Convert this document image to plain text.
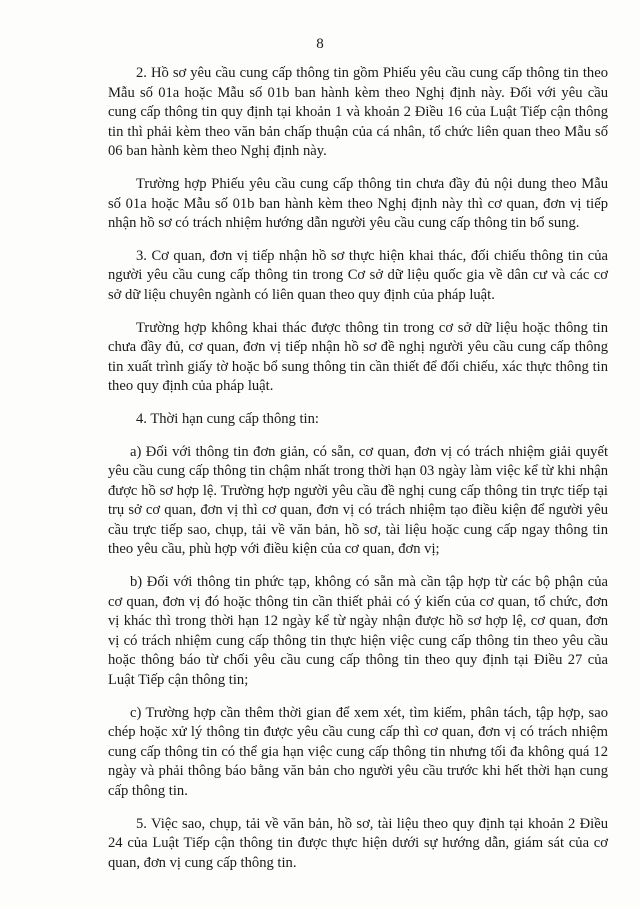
8

2. Hồ sơ yêu cầu cung cấp thông tin gồm Phiếu yêu cầu cung cấp thông tin theo Mẫu số 01a hoặc Mẫu số 01b ban hành kèm theo Nghị định này. Đối với yêu cầu cung cấp thông tin quy định tại khoản 1 và khoản 2 Điều 16 của Luật Tiếp cận thông tin thì phải kèm theo văn bản chấp thuận của cá nhân, tổ chức liên quan theo Mẫu số 06 ban hành kèm theo Nghị định này.

Trường hợp Phiếu yêu cầu cung cấp thông tin chưa đầy đủ nội dung theo Mẫu số 01a hoặc Mẫu số 01b ban hành kèm theo Nghị định này thì cơ quan, đơn vị tiếp nhận hồ sơ có trách nhiệm hướng dẫn người yêu cầu cung cấp thông tin bổ sung.

3. Cơ quan, đơn vị tiếp nhận hồ sơ thực hiện khai thác, đối chiếu thông tin của người yêu cầu cung cấp thông tin trong Cơ sở dữ liệu quốc gia về dân cư và các cơ sở dữ liệu chuyên ngành có liên quan theo quy định của pháp luật.

Trường hợp không khai thác được thông tin trong cơ sở dữ liệu hoặc thông tin chưa đầy đủ, cơ quan, đơn vị tiếp nhận hồ sơ đề nghị người yêu cầu cung cấp thông tin xuất trình giấy tờ hoặc bổ sung thông tin cần thiết để đối chiếu, xác thực thông tin theo quy định của pháp luật.

4. Thời hạn cung cấp thông tin:

a) Đối với thông tin đơn giản, có sẵn, cơ quan, đơn vị có trách nhiệm giải quyết yêu cầu cung cấp thông tin chậm nhất trong thời hạn 03 ngày làm việc kể từ khi nhận được hồ sơ hợp lệ. Trường hợp người yêu cầu đề nghị cung cấp thông tin trực tiếp tại trụ sở cơ quan, đơn vị thì cơ quan, đơn vị có trách nhiệm tạo điều kiện để người yêu cầu trực tiếp sao, chụp, tải về văn bản, hồ sơ, tài liệu hoặc cung cấp ngay thông tin theo yêu cầu, phù hợp với điều kiện của cơ quan, đơn vị;

b) Đối với thông tin phức tạp, không có sẵn mà cần tập hợp từ các bộ phận của cơ quan, đơn vị đó hoặc thông tin cần thiết phải có ý kiến của cơ quan, tổ chức, đơn vị khác thì trong thời hạn 12 ngày kể từ ngày nhận được hồ sơ hợp lệ, cơ quan, đơn vị có trách nhiệm cung cấp thông tin thực hiện việc cung cấp thông tin theo yêu cầu hoặc thông báo từ chối yêu cầu cung cấp thông tin theo quy định tại Điều 27 của Luật Tiếp cận thông tin;

c) Trường hợp cần thêm thời gian để xem xét, tìm kiếm, phân tách, tập hợp, sao chép hoặc xử lý thông tin được yêu cầu cung cấp thì cơ quan, đơn vị có trách nhiệm cung cấp thông tin có thể gia hạn việc cung cấp thông tin nhưng tối đa không quá 12 ngày và phải thông báo bằng văn bản cho người yêu cầu trước khi hết thời hạn cung cấp thông tin.

5. Việc sao, chụp, tải về văn bản, hồ sơ, tài liệu theo quy định tại khoản 2 Điều 24 của Luật Tiếp cận thông tin được thực hiện dưới sự hướng dẫn, giám sát của cơ quan, đơn vị cung cấp thông tin.
